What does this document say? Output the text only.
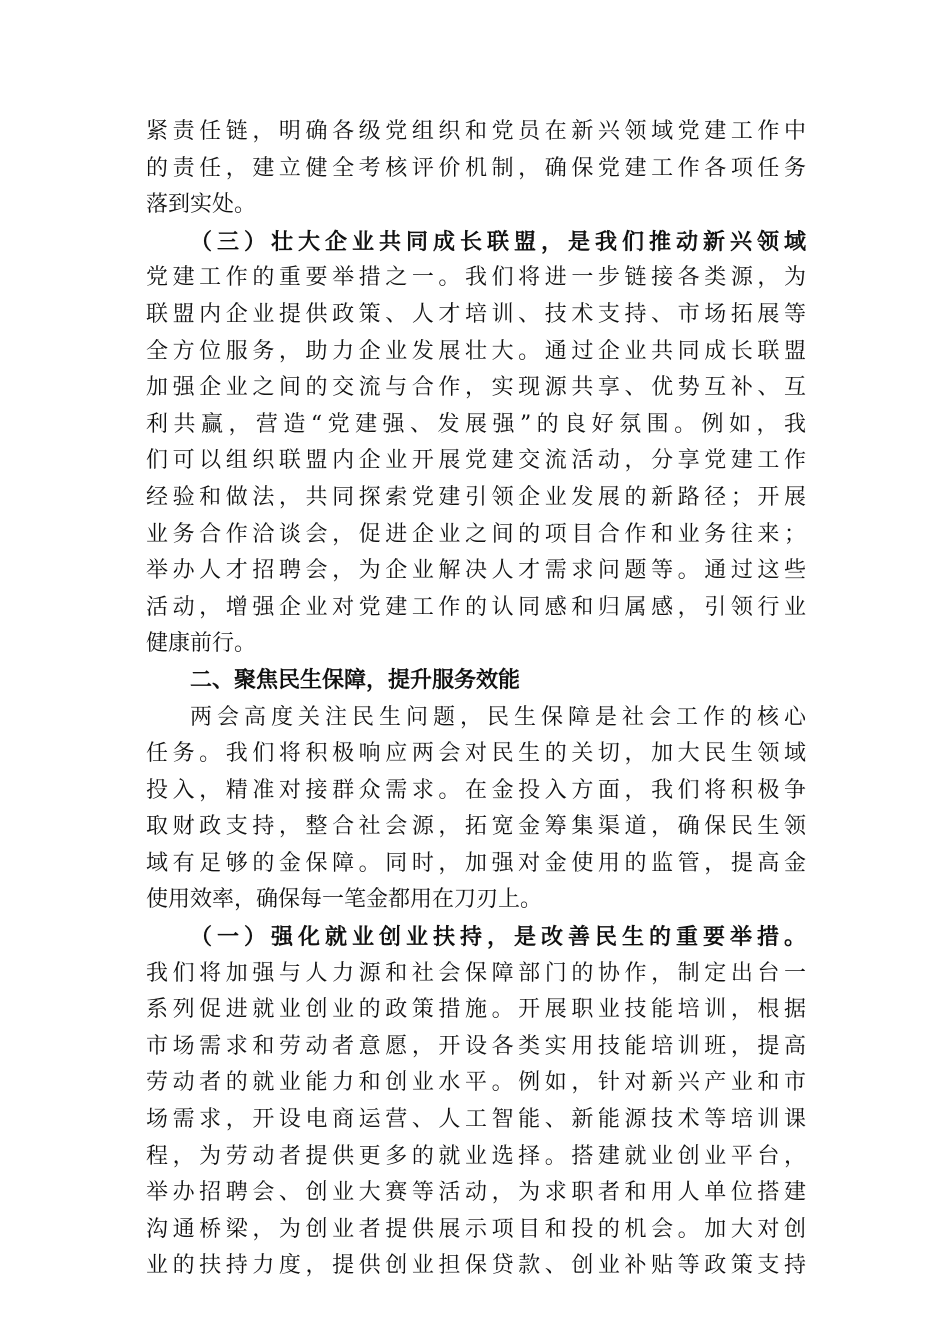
紧责任链，明确各级党组织和党员在新兴领域党建工作中
的责任，建立健全考核评价机制，确保党建工作各项任务
落到实处。
（三）壮大企业共同成长联盟，是我们推动新兴领域
党建工作的重要举措之一。我们将进一步链接各类源，为
联盟内企业提供政策、人才培训、技术支持、市场拓展等
全方位服务，助力企业发展壮大。通过企业共同成长联盟
加强企业之间的交流与合作，实现源共享、优势互补、互
利共赢，营造“党建强、发展强”的良好氛围。例如，我
们可以组织联盟内企业开展党建交流活动，分享党建工作
经验和做法，共同探索党建引领企业发展的新路径；开展
业务合作洽谈会，促进企业之间的项目合作和业务往来；
举办人才招聘会，为企业解决人才需求问题等。通过这些
活动，增强企业对党建工作的认同感和归属感，引领行业
健康前行。
二、聚焦民生保障，提升服务效能
两会高度关注民生问题，民生保障是社会工作的核心
任务。我们将积极响应两会对民生的关切，加大民生领域
投入，精准对接群众需求。在金投入方面，我们将积极争
取财政支持，整合社会源，拓宽金筹集渠道，确保民生领
域有足够的金保障。同时，加强对金使用的监管，提高金
使用效率，确保每一笔金都用在刀刃上。
（一）强化就业创业扶持，是改善民生的重要举措。
我们将加强与人力源和社会保障部门的协作，制定出台一
系列促进就业创业的政策措施。开展职业技能培训，根据
市场需求和劳动者意愿，开设各类实用技能培训班，提高
劳动者的就业能力和创业水平。例如，针对新兴产业和市
场需求，开设电商运营、人工智能、新能源技术等培训课
程，为劳动者提供更多的就业选择。搭建就业创业平台，
举办招聘会、创业大赛等活动，为求职者和用人单位搭建
沟通桥梁，为创业者提供展示项目和投的机会。加大对创
业的扶持力度，提供创业担保贷款、创业补贴等政策支持
